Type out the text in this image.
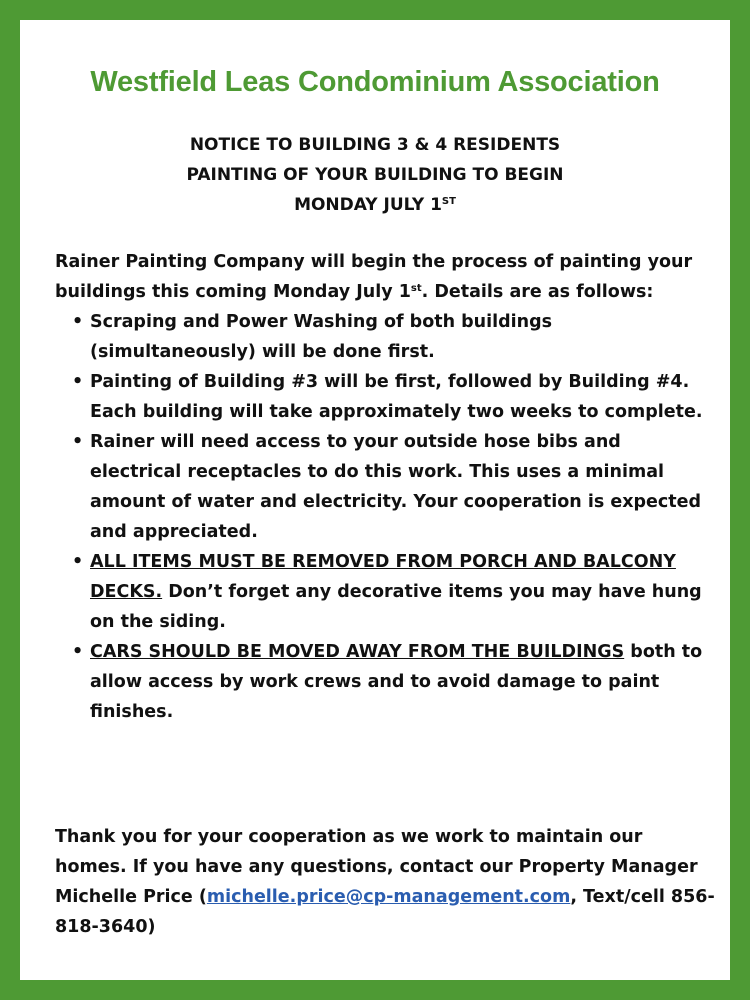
Westfield Leas Condominium Association
NOTICE TO BUILDING 3 & 4 RESIDENTS
PAINTING OF YOUR BUILDING TO BEGIN
MONDAY JULY 1ST

Rainer Painting Company will begin the process of painting your buildings this coming Monday July 1st. Details are as follows:

• Scraping and Power Washing of both buildings (simultaneously) will be done first.
• Painting of Building #3 will be first, followed by Building #4. Each building will take approximately two weeks to complete.
• Rainer will need access to your outside hose bibs and electrical receptacles to do this work. This uses a minimal amount of water and electricity. Your cooperation is expected and appreciated.
• ALL ITEMS MUST BE REMOVED FROM PORCH AND BALCONY DECKS. Don’t forget any decorative items you may have hung on the siding.
• CARS SHOULD BE MOVED AWAY FROM THE BUILDINGS both to allow access by work crews and to avoid damage to paint finishes.

Thank you for your cooperation as we work to maintain our homes. If you have any questions, contact our Property Manager Michelle Price (michelle.price@cp-management.com, Text/cell 856-818-3640)
